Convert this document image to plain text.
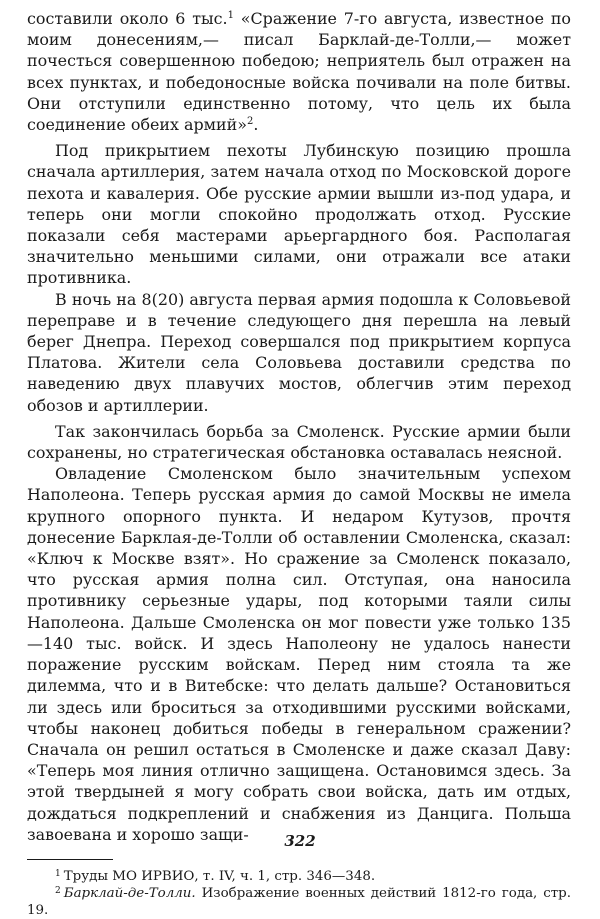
составили около 6 тыс.$^1$ «Сражение 7-го августа, известное по моим донесениям,— писал Барклай-де-Толли,— может почесться совершенною победою; неприятель был отражен на всех пунктах, и победоносные войска почивали на поле битвы. Они отступили единственно потому, что цель их была соединение обеих армий»$^2$.

Под прикрытием пехоты Лубинскую позицию прошла сначала артиллерия, затем начала отход по Московской дороге пехота и кавалерия. Обе русские армии вышли из-под удара, и теперь они могли спокойно продолжать отход. Русские показали себя мастерами арьергардного боя. Располагая значительно меньшими силами, они отражали все атаки противника.

В ночь на 8(20) августа первая армия подошла к Соловьевой переправе и в течение следующего дня перешла на левый берег Днепра. Переход совершался под прикрытием корпуса Платова. Жители села Соловьева доставили средства по наведению двух плавучих мостов, облегчив этим переход обозов и артиллерии.

Так закончилась борьба за Смоленск. Русские армии были сохранены, но стратегическая обстановка оставалась неясной.

Овладение Смоленском было значительным успехом Наполеона. Теперь русская армия до самой Москвы не имела крупного опорного пункта. И недаром Кутузов, прочтя донесение Барклая-де-Толли об оставлении Смоленска, сказал: «Ключ к Москве взят». Но сражение за Смоленск показало, что русская армия полна сил. Отступая, она наносила противнику серьезные удары, под которыми таяли силы Наполеона. Дальше Смоленска он мог повести уже только 135—140 тыс. войск. И здесь Наполеону не удалось нанести поражение русским войскам. Перед ним стояла та же дилемма, что и в Витебске: что делать дальше? Остановиться ли здесь или броситься за отходившими русскими войсками, чтобы наконец добиться победы в генеральном сражении? Сначала он решил остаться в Смоленске и даже сказал Даву: «Теперь моя линия отлично защищена. Остановимся здесь. За этой твердыней я могу собрать свои войска, дать им отдых, дождаться подкреплений и снабжения из Данцига. Польша завоевана и хорошо защи-

$^1$ Труды МО ИРВИО, т. IV, ч. 1, стр. 346—348.

$^2$ Барклай-де-Толли. Изображение военных действий 1812-го года, стр. 19.

322
